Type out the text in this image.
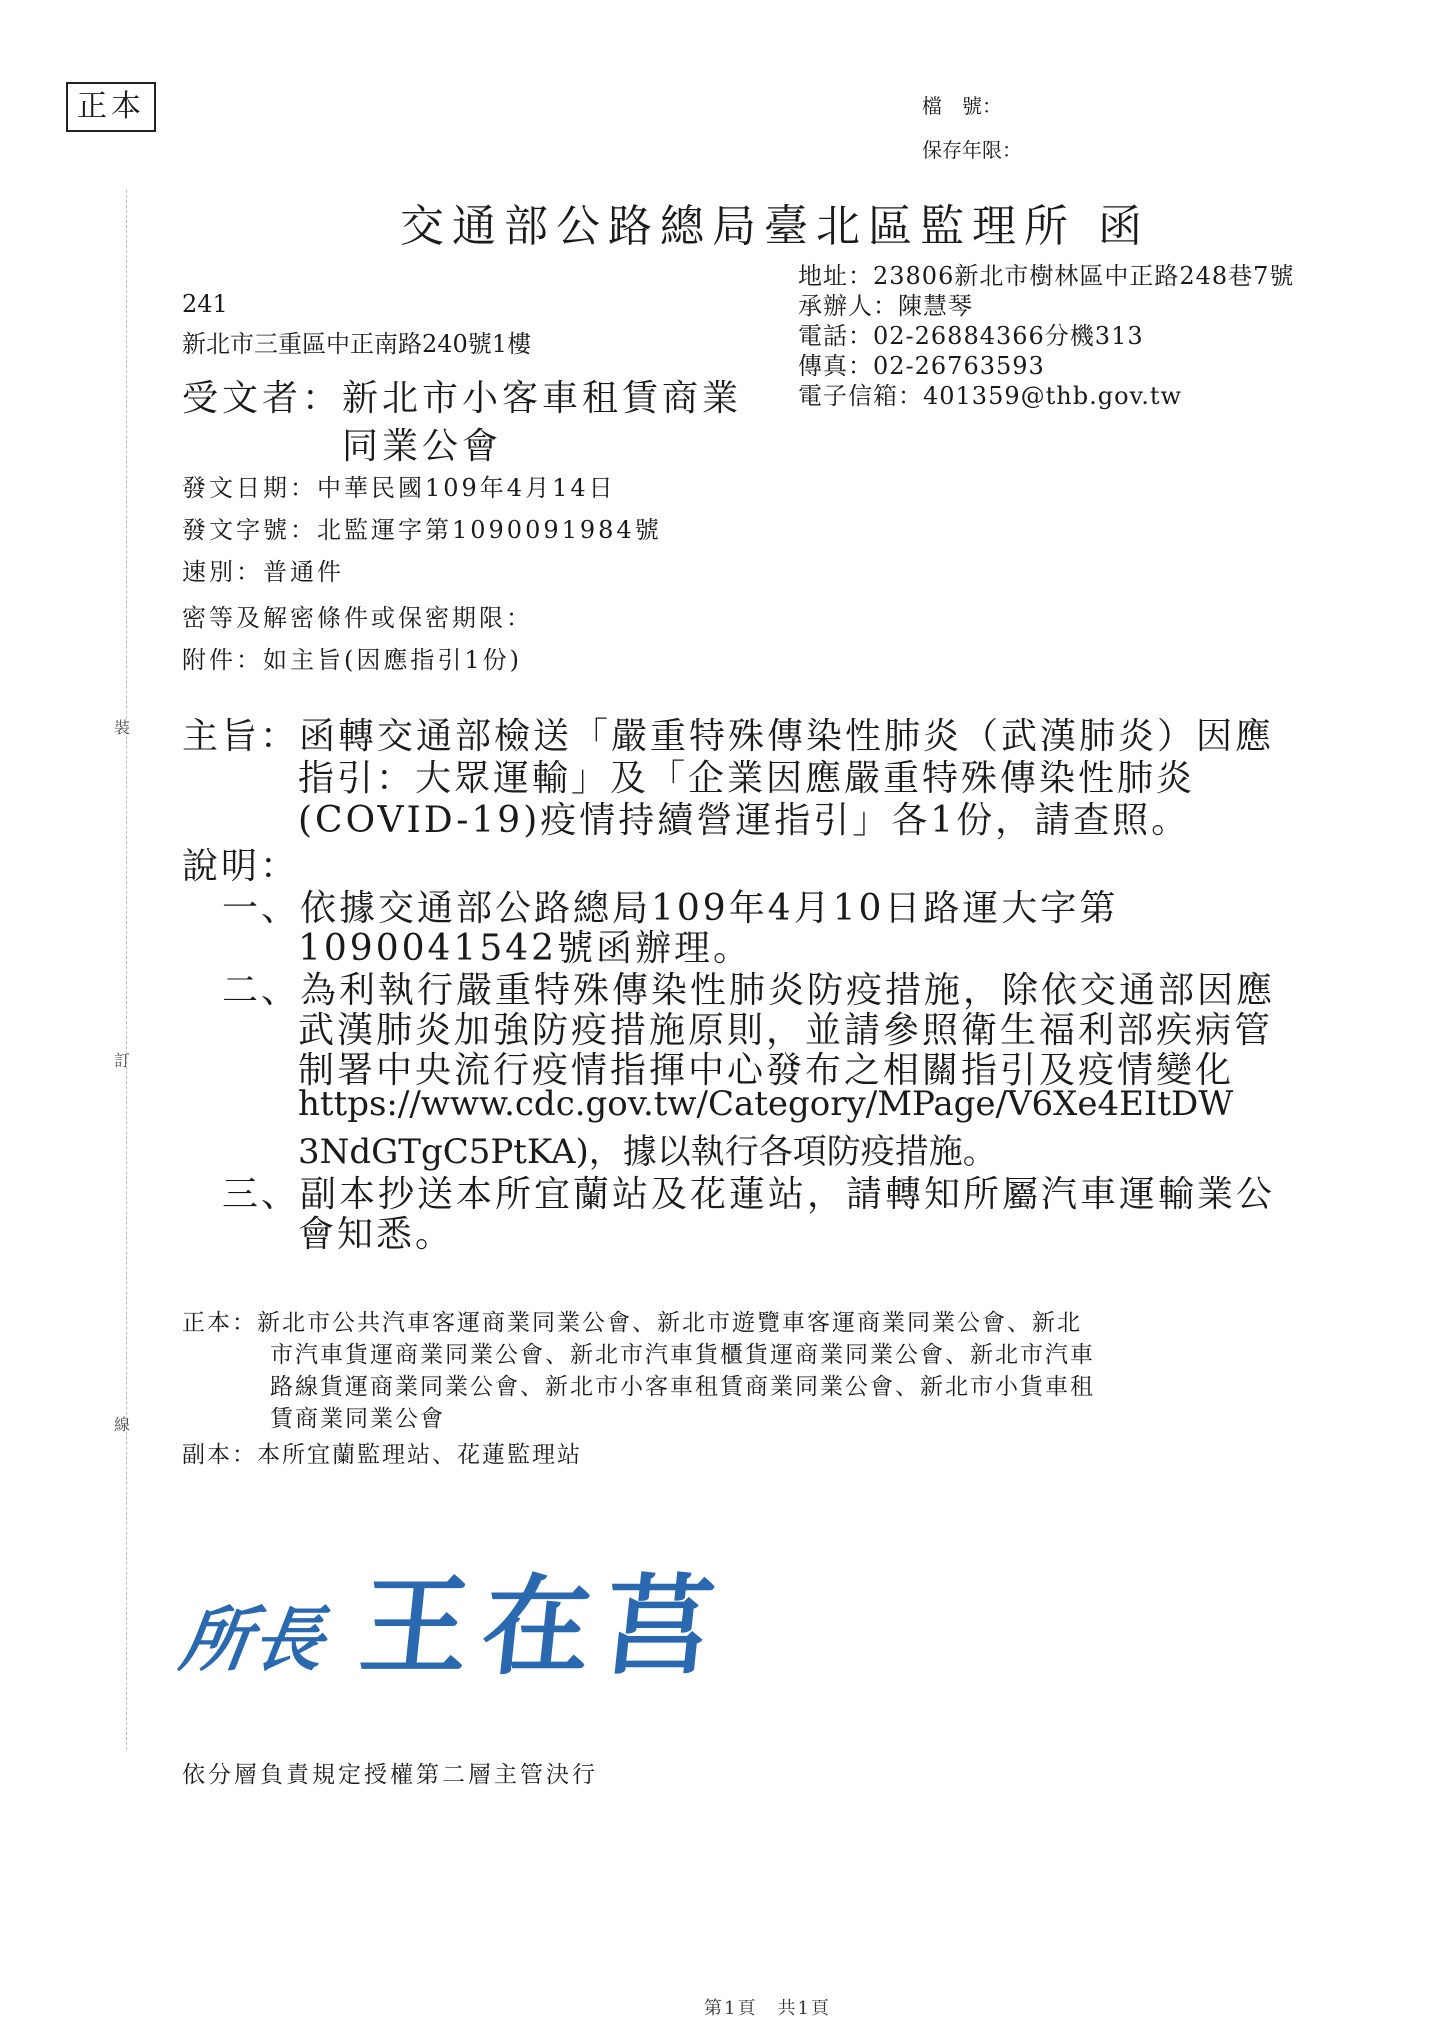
正本	檔　號：
保存年限：
交通部公路總局臺北區監理所 函
裝
訂
線
地址：23806新北市樹林區中正路248巷7號
承辦人：陳慧琴
電話：02-26884366分機313
傳真：02-26763593
電子信箱：401359@thb.gov.tw
241
新北市三重區中正南路240號1樓
受文者：新北市小客車租賃商業
同業公會
發文日期：中華民國109年4月14日
發文字號：北監運字第1090091984號
速別：普通件
密等及解密條件或保密期限：
附件：如主旨(因應指引1份)
主旨：函轉交通部檢送「嚴重特殊傳染性肺炎（武漢肺炎）因應
指引：大眾運輸」及「企業因應嚴重特殊傳染性肺炎
(COVID-19)疫情持續營運指引」各1份，請查照。
說明：
一、依據交通部公路總局109年4月10日路運大字第
1090041542號函辦理。
二、為利執行嚴重特殊傳染性肺炎防疫措施，除依交通部因應
武漢肺炎加強防疫措施原則，並請參照衛生福利部疾病管
制署中央流行疫情指揮中心發布之相關指引及疫情變化
https://www.cdc.gov.tw/Category/MPage/V6Xe4EItDW
3NdGTgC5PtKA)，據以執行各項防疫措施。
三、副本抄送本所宜蘭站及花蓮站，請轉知所屬汽車運輸業公
會知悉。
正本：新北市公共汽車客運商業同業公會、新北市遊覽車客運商業同業公會、新北
市汽車貨運商業同業公會、新北市汽車貨櫃貨運商業同業公會、新北市汽車
路線貨運商業同業公會、新北市小客車租賃商業同業公會、新北市小貨車租
賃商業同業公會
副本：本所宜蘭監理站、花蓮監理站
所長 王在莒
依分層負責規定授權第二層主管決行
第1頁　共1頁
